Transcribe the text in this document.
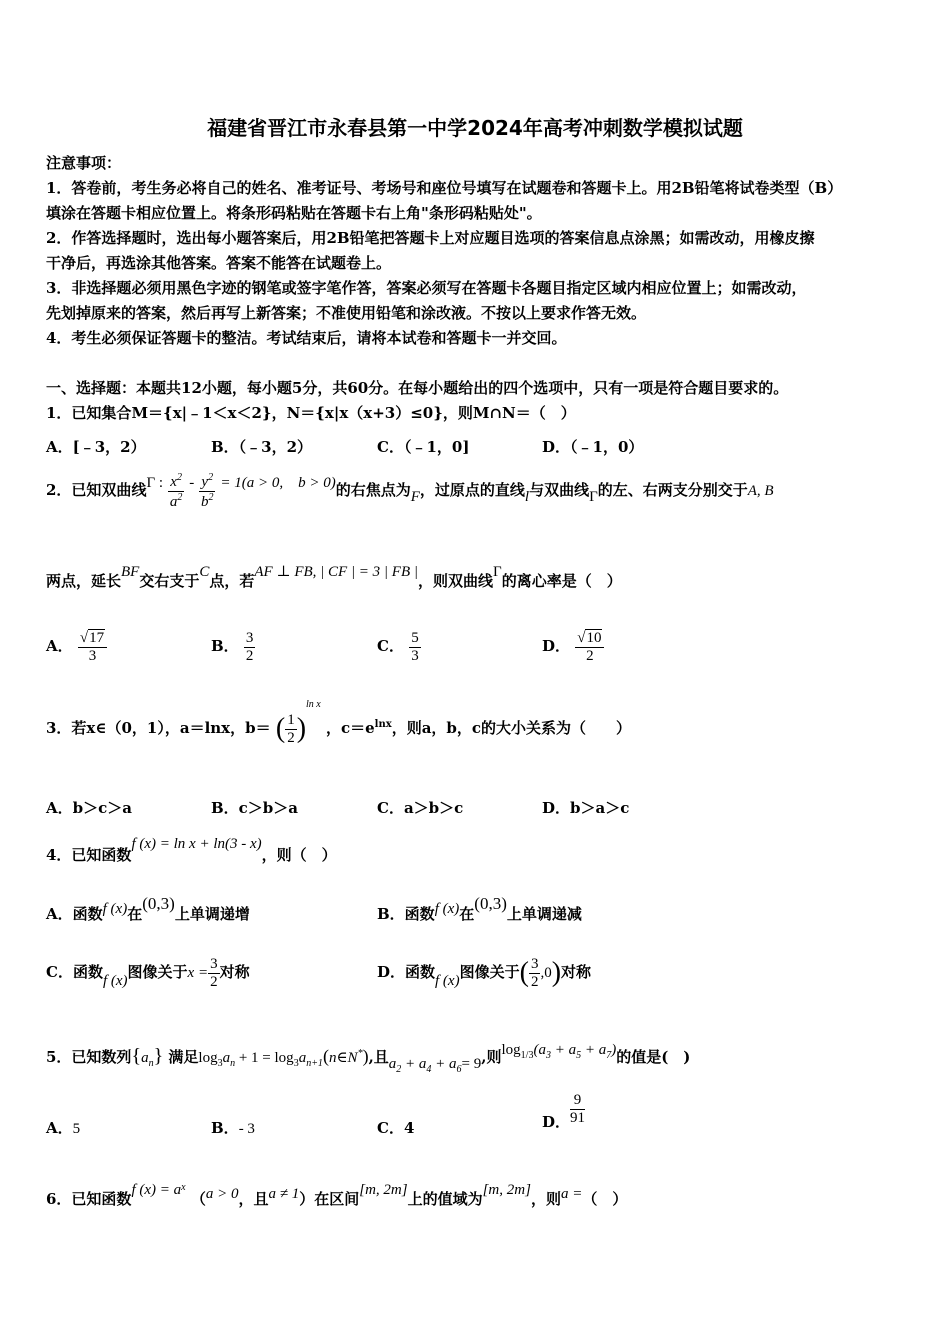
福建省晋江市永春县第一中学2024年高考冲刺数学模拟试题
注意事项：
1．答卷前，考生务必将自己的姓名、准考证号、考场号和座位号填写在试题卷和答题卡上。用2B铅笔将试卷类型（B）
填涂在答题卡相应位置上。将条形码粘贴在答题卡右上角"条形码粘贴处"。
2．作答选择题时，选出每小题答案后，用2B铅笔把答题卡上对应题目选项的答案信息点涂黑；如需改动，用橡皮擦
干净后，再选涂其他答案。答案不能答在试题卷上。
3．非选择题必须用黑色字迹的钢笔或签字笔作答，答案必须写在答题卡各题目指定区域内相应位置上；如需改动，
先划掉原来的答案，然后再写上新答案；不准使用铅笔和涂改液。不按以上要求作答无效。
4．考生必须保证答题卡的整洁。考试结束后，请将本试卷和答题卡一并交回。
一、选择题：本题共12小题，每小题5分，共60分。在每小题给出的四个选项中，只有一项是符合题目要求的。
1．已知集合M＝{x|﹣1＜x＜2}，N＝{x|x（x+3）≤0}，则M∩N＝（　）
A．[﹣3，2）	B．（﹣3，2）	C．（﹣1，0]	D．（﹣1，0）
2．已知双曲线Γ : $\frac{x^2}{a^2} - \frac{y^2}{b^2} = 1(a > 0$,　b > 0)的右焦点为F，过原点的直线l与双曲线Γ的左、右两支分别交于A, B
两点，延长BF交右支于C点，若AF ⊥ FB, | CF | = 3 | FB |，则双曲线Γ的离心率是（　）
A． $\frac{√17}{3}$	B． $\frac{3}{2}$	C． $\frac{5}{3}$	D． $\frac{√10}{2}$
3．若x∈（0，1），a＝lnx，b＝ ( $\frac{1}{2} )^{ln x}$ ，$c=e^{lnx}$，则a，b，c的大小关系为（　　）
A．b＞c＞a	B．c＞b＞a	C．a＞b＞c	D．b＞a＞c
4．已知函数f (x) = ln x + ln(3 - x)，则（　）
A．函数f (x)在(0,3)上单调递增	B．函数f (x)在(0,3)上单调递减
C．函数f (x)图像关于$x = \frac{3}{2}$ 对称	D．函数f (x)图像关于( $\frac{3}{2} ,0$)对称
5．已知数列$\{a_n\}$ 满足$\log_3a_n + 1$ = $\log_3a_{n+1}(n\in N^*)$,且$a_2 + a_4 + a_6= 9$,则$\log_{1/3}(a_3 + a_5 + a_7)$的值是(　)
A．5	B．- 3	C．4	D． $\frac{9}{91}$
6．已知函数f $(x) = a^x$ （a > 0，且a ≠ 1）在区间[m, 2m]上的值域为[m, 2m]，则a =（　）
